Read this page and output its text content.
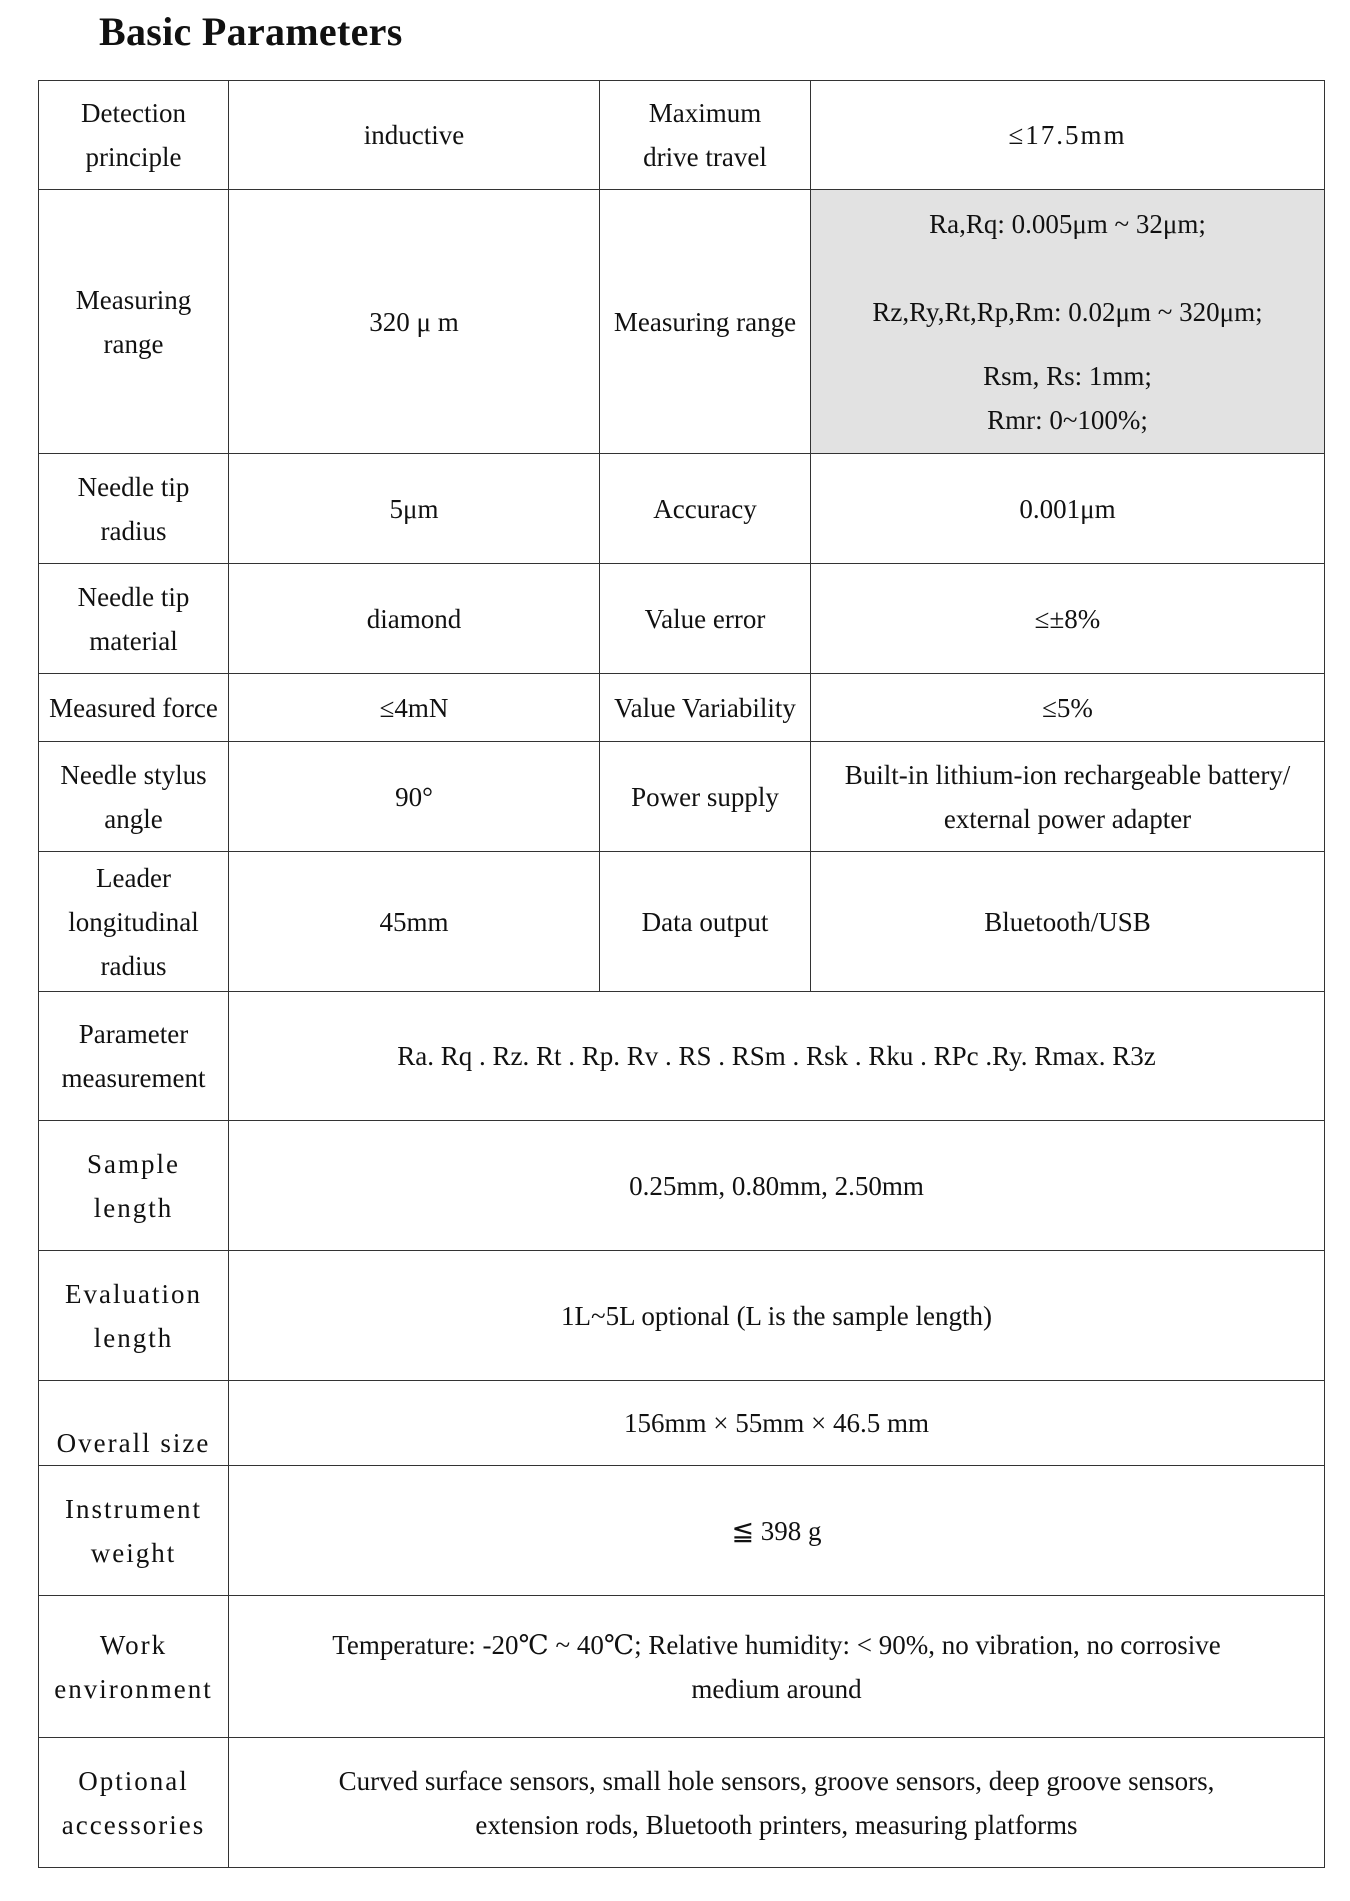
Basic Parameters
Detection principle	inductive	Maximum drive travel	≤17.5mm
Measuring range	320 μ m	Measuring range	Ra,Rq: 0.005μm ~ 32μm;

Rz,Ry,Rt,Rp,Rm: 0.02μm ~ 320μm;

Rsm, Rs: 1mm;

Rmr: 0~100%;

Needle tip radius	5μm	Accuracy	0.001μm
Needle tip material	diamond	Value error	≤±8%
Measured force	≤4mN	Value Variability	≤5%
Needle stylus angle	90°	Power supply	Built-in lithium-ion rechargeable battery/ external power adapter
Leader longitudinal radius	45mm	Data output	Bluetooth/USB
Parameter measurement	Ra. Rq . Rz. Rt . Rp. Rv . RS . RSm . Rsk . Rku . RPc .Ry. Rmax. R3z		
Sample length	0.25mm, 0.80mm, 2.50mm		
Evaluation length	1L~5L optional (L is the sample length)		
Overall size	156mm × 55mm × 46.5 mm		
Instrument weight	≦ 398 g		
Work environment	Temperature: -20℃ ~ 40℃; Relative humidity: < 90%, no vibration, no corrosive medium around		
Optional accessories	Curved surface sensors, small hole sensors, groove sensors, deep groove sensors, extension rods, Bluetooth printers, measuring platforms		
